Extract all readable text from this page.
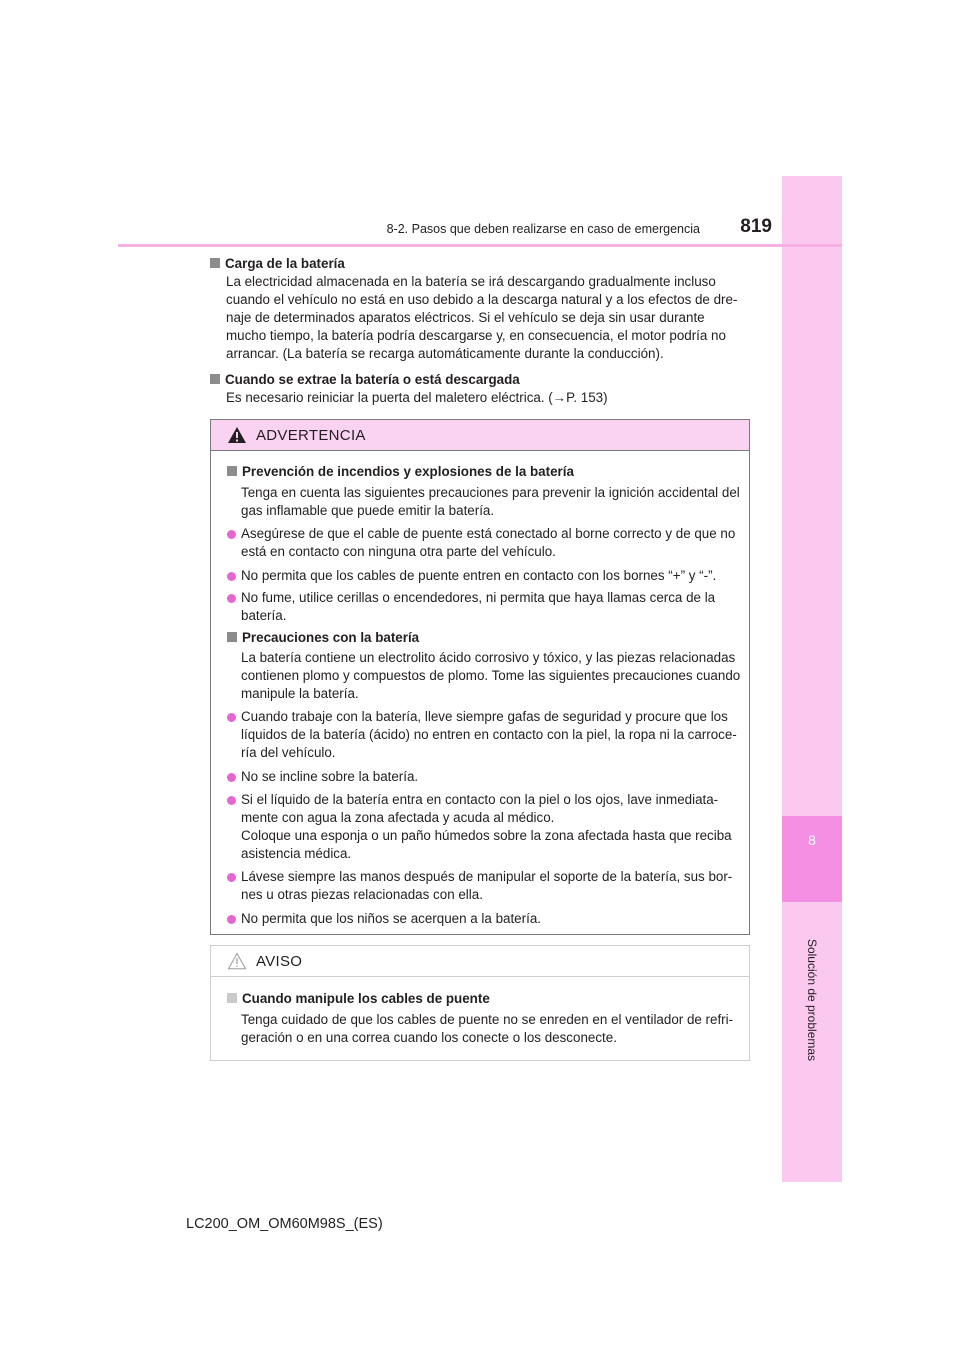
8
Solución de problemas
8-2. Pasos que deben realizarse en caso de emergencia	819
Carga de la batería
La electricidad almacenada en la batería se irá descargando gradualmente incluso
cuando el vehículo no está en uso debido a la descarga natural y a los efectos de dre-
naje de determinados aparatos eléctricos. Si el vehículo se deja sin usar durante
mucho tiempo, la batería podría descargarse y, en consecuencia, el motor podría no
arrancar. (La batería se recarga automáticamente durante la conducción).
Cuando se extrae la batería o está descargada
Es necesario reiniciar la puerta del maletero eléctrica. (→P. 153)
ADVERTENCIA
Prevención de incendios y explosiones de la batería
Tenga en cuenta las siguientes precauciones para prevenir la ignición accidental del
gas inflamable que puede emitir la batería.
Asegúrese de que el cable de puente está conectado al borne correcto y de que no
está en contacto con ninguna otra parte del vehículo.
No permita que los cables de puente entren en contacto con los bornes “+” y “-”.
No fume, utilice cerillas o encendedores, ni permita que haya llamas cerca de la
batería.
Precauciones con la batería
La batería contiene un electrolito ácido corrosivo y tóxico, y las piezas relacionadas
contienen plomo y compuestos de plomo. Tome las siguientes precauciones cuando
manipule la batería.
Cuando trabaje con la batería, lleve siempre gafas de seguridad y procure que los
líquidos de la batería (ácido) no entren en contacto con la piel, la ropa ni la carroce-
ría del vehículo.
No se incline sobre la batería.
Si el líquido de la batería entra en contacto con la piel o los ojos, lave inmediata-
mente con agua la zona afectada y acuda al médico.
Coloque una esponja o un paño húmedos sobre la zona afectada hasta que reciba
asistencia médica.
Lávese siempre las manos después de manipular el soporte de la batería, sus bor-
nes u otras piezas relacionadas con ella.
No permita que los niños se acerquen a la batería.
AVISO
Cuando manipule los cables de puente
Tenga cuidado de que los cables de puente no se enreden en el ventilador de refri-
geración o en una correa cuando los conecte o los desconecte.
LC200_OM_OM60M98S_(ES)
